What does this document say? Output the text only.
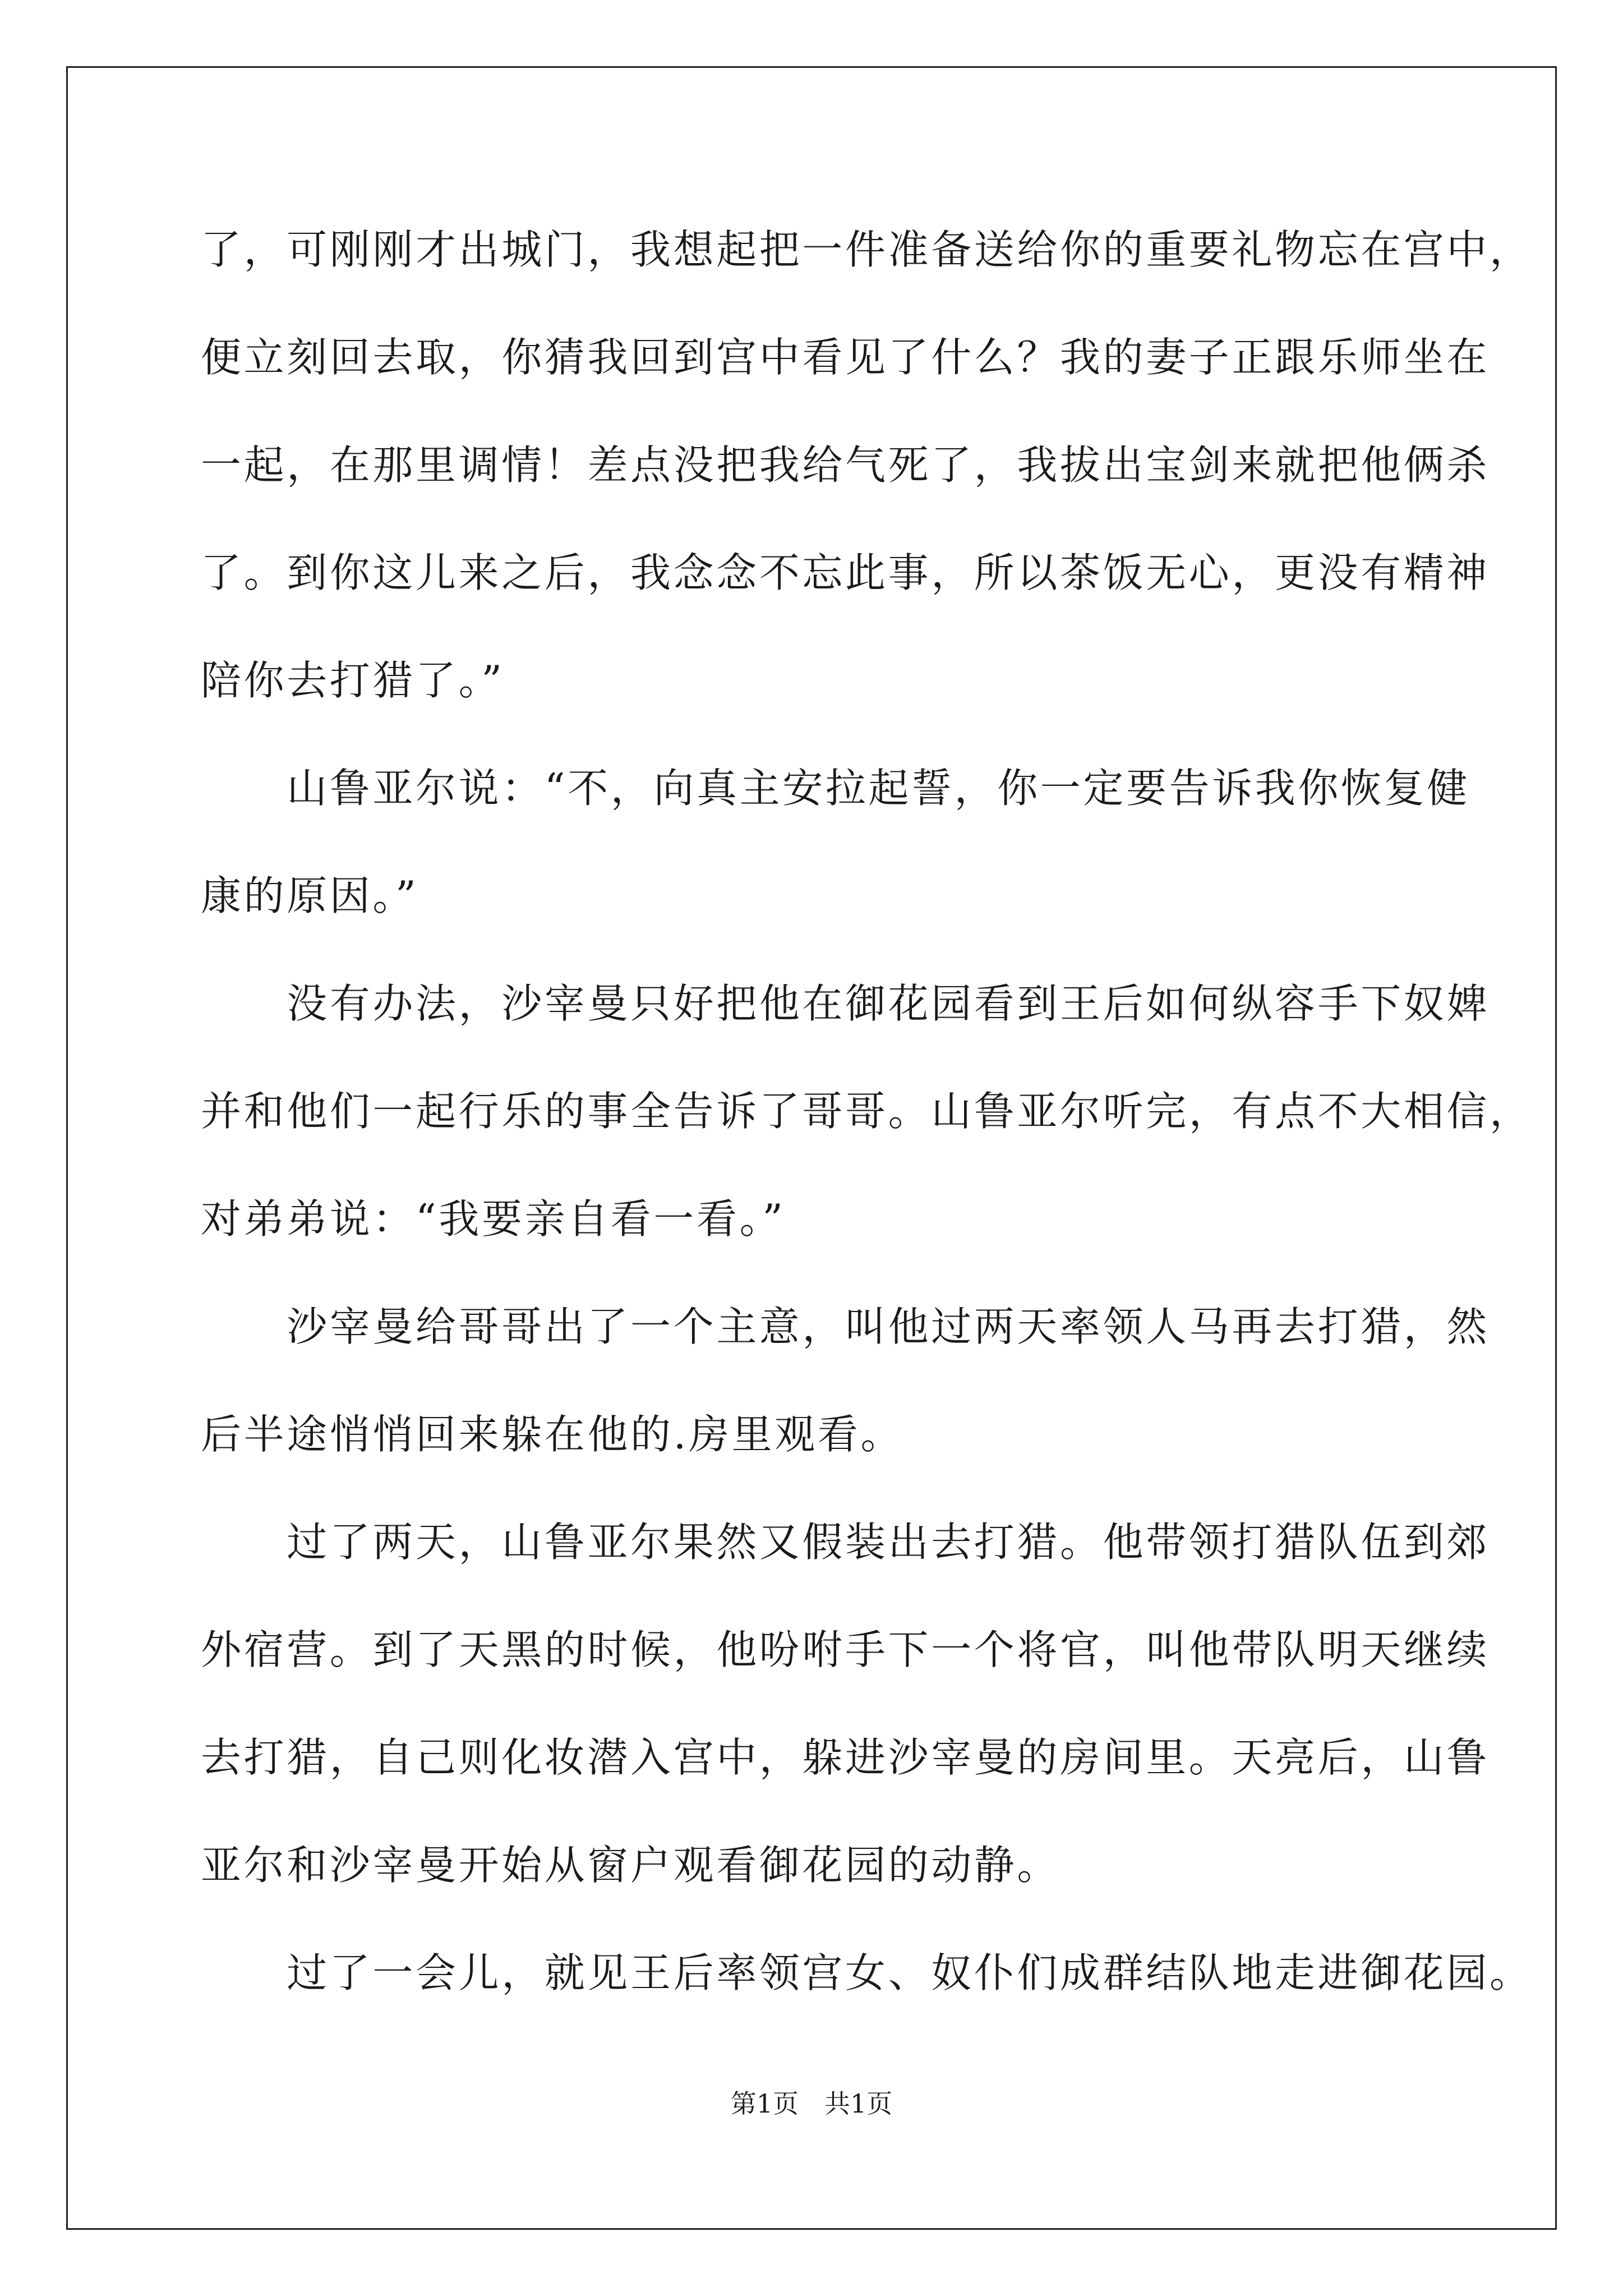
了，可刚刚才出城门，我想起把一件准备送给你的重要礼物忘在宫中，
便立刻回去取，你猜我回到宫中看见了什么？我的妻子正跟乐师坐在
一起，在那里调情！差点没把我给气死了，我拔出宝剑来就把他俩杀
了。到你这儿来之后，我念念不忘此事，所以茶饭无心，更没有精神
陪你去打猎了。”
　　山鲁亚尔说：“不，向真主安拉起誓，你一定要告诉我你恢复健
康的原因。”
　　没有办法，沙宰曼只好把他在御花园看到王后如何纵容手下奴婢
并和他们一起行乐的事全告诉了哥哥。山鲁亚尔听完，有点不大相信，
对弟弟说：“我要亲自看一看。”
　　沙宰曼给哥哥出了一个主意，叫他过两天率领人马再去打猎，然
后半途悄悄回来躲在他的.房里观看。
　　过了两天，山鲁亚尔果然又假装出去打猎。他带领打猎队伍到郊
外宿营。到了天黑的时候，他吩咐手下一个将官，叫他带队明天继续
去打猎，自己则化妆潜入宫中，躲进沙宰曼的房间里。天亮后，山鲁
亚尔和沙宰曼开始从窗户观看御花园的动静。
　　过了一会儿，就见王后率领宫女、奴仆们成群结队地走进御花园。
第1页　共1页
